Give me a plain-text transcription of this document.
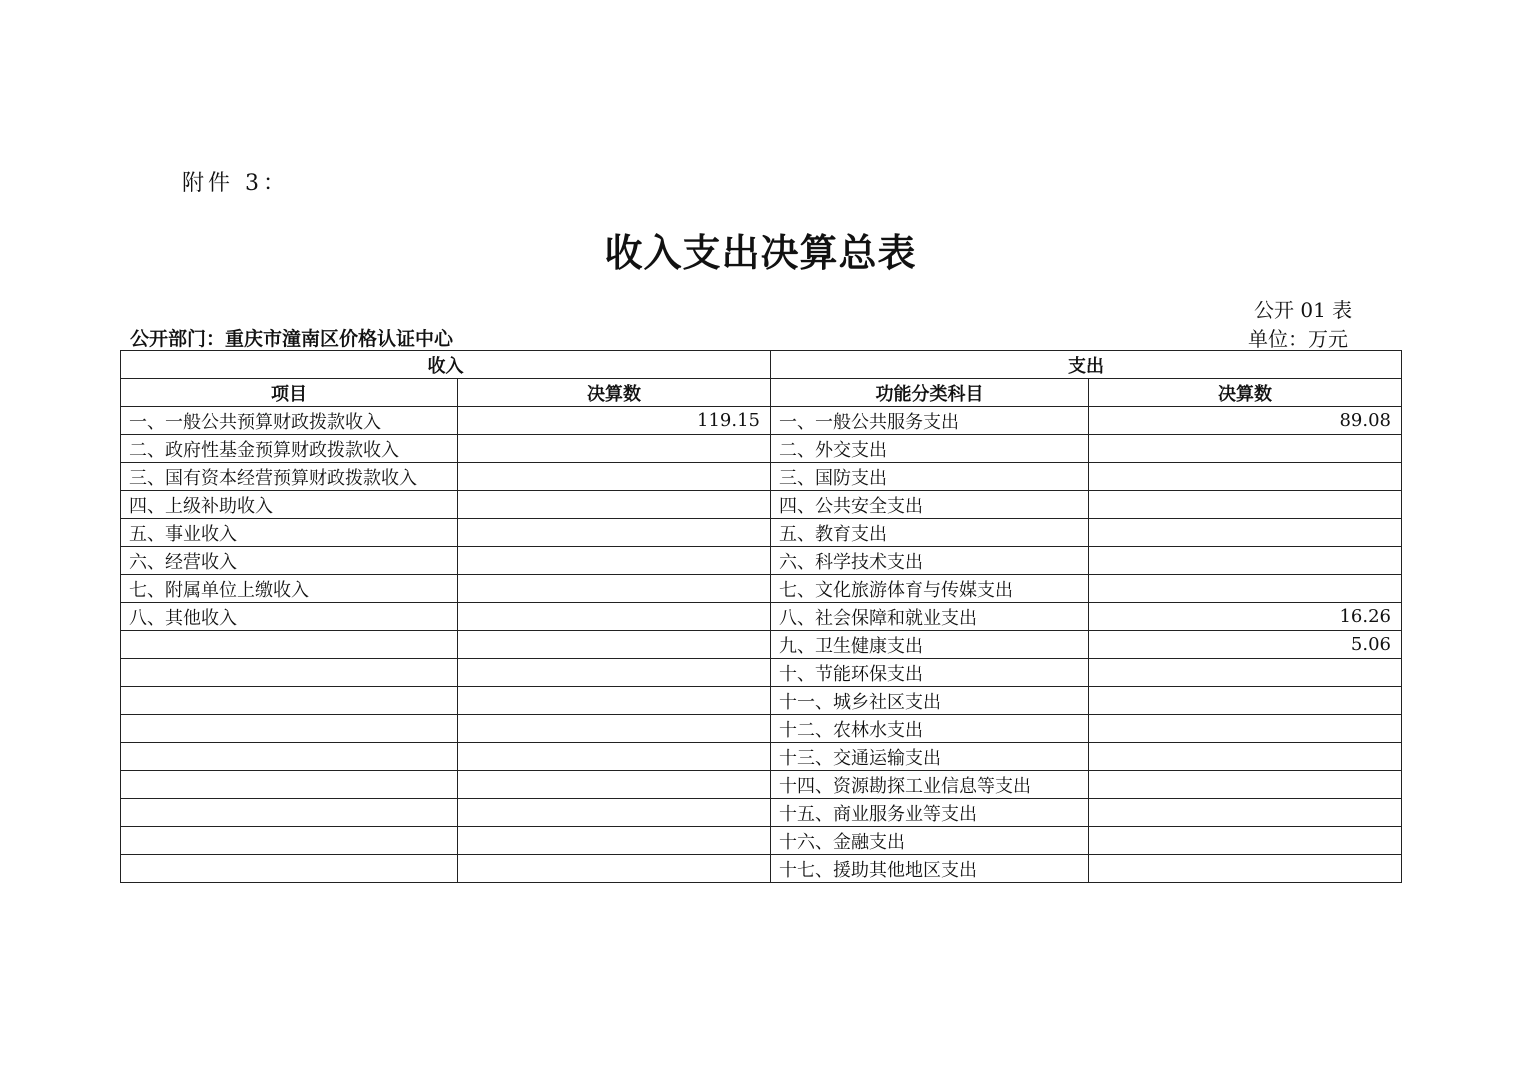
附件 3：
收入支出决算总表
公开 01 表
公开部门：重庆市潼南区价格认证中心	单位：万元
收入		支出	
项目	决算数	功能分类科目	决算数
一、一般公共预算财政拨款收入	119.15	一、一般公共服务支出	89.08
二、政府性基金预算财政拨款收入		二、外交支出	
三、国有资本经营预算财政拨款收入		三、国防支出	
四、上级补助收入		四、公共安全支出	
五、事业收入		五、教育支出	
六、经营收入		六、科学技术支出	
七、附属单位上缴收入		七、文化旅游体育与传媒支出	
八、其他收入		八、社会保障和就业支出	16.26
		九、卫生健康支出	5.06
		十、节能环保支出	
		十一、城乡社区支出	
		十二、农林水支出	
		十三、交通运输支出	
		十四、资源勘探工业信息等支出	
		十五、商业服务业等支出	
		十六、金融支出	
		十七、援助其他地区支出	
